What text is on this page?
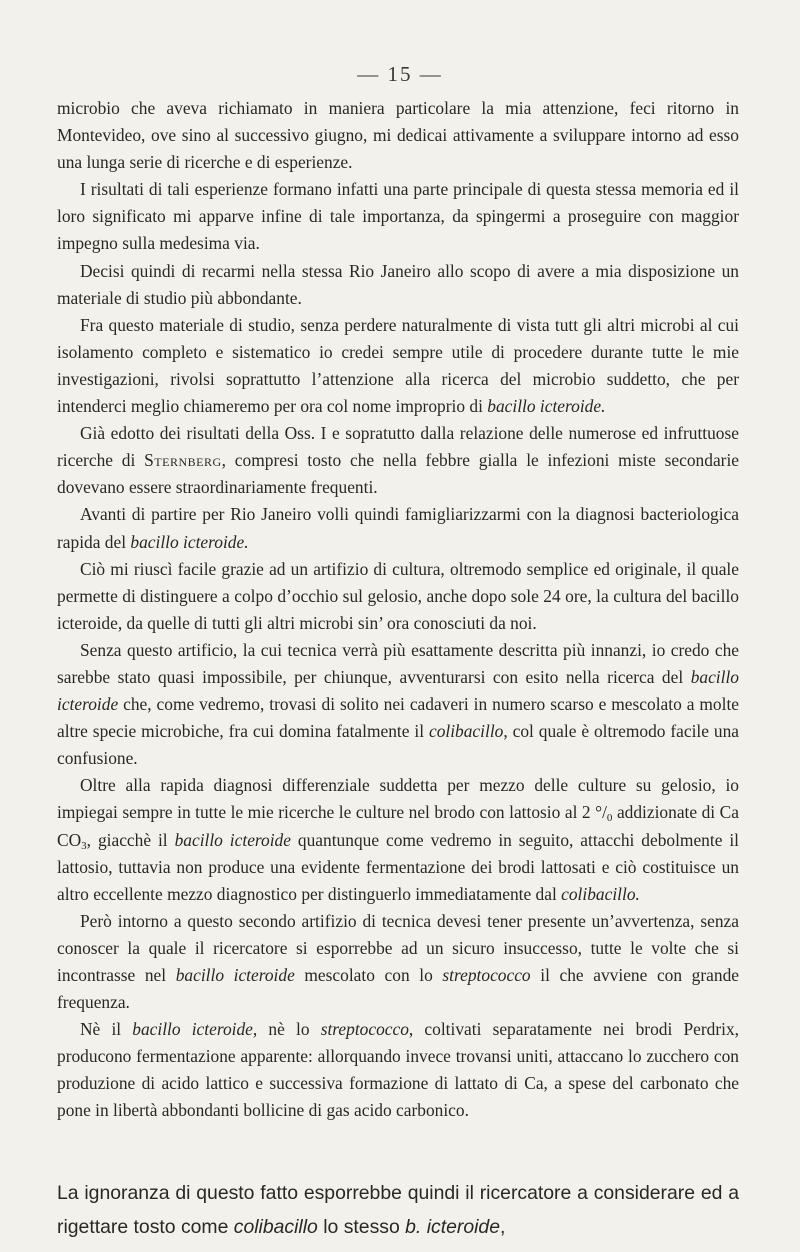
— 15 —

microbio che aveva richiamato in maniera particolare la mia attenzione, feci ritorno in Montevideo, ove sino al successivo giugno, mi dedicai attivamente a sviluppare intorno ad esso una lunga serie di ricerche e di esperienze.

I risultati di tali esperienze formano infatti una parte principale di questa stessa memoria ed il loro significato mi apparve infine di tale importanza, da spingermi a proseguire con maggior impegno sulla medesima via.

Decisi quindi di recarmi nella stessa Rio Janeiro allo scopo di avere a mia disposizione un materiale di studio più abbondante.

Fra questo materiale di studio, senza perdere naturalmente di vista tutt gli altri microbi al cui isolamento completo e sistematico io credei sempre utile di procedere durante tutte le mie investigazioni, rivolsi soprattutto l’attenzione alla ricerca del microbio suddetto, che per intenderci meglio chiameremo per ora col nome improprio di bacillo icteroide.

Già edotto dei risultati della Oss. I e sopratutto dalla relazione delle numerose ed infruttuose ricerche di Sternberg, compresi tosto che nella febbre gialla le infezioni miste secondarie dovevano essere straordinariamente frequenti.

Avanti di partire per Rio Janeiro volli quindi famigliarizzarmi con la diagnosi bacteriologica rapida del bacillo icteroide.

Ciò mi riuscì facile grazie ad un artifizio di cultura, oltremodo semplice ed originale, il quale permette di distinguere a colpo d’occhio sul gelosio, anche dopo sole 24 ore, la cultura del bacillo icteroide, da quelle di tutti gli altri microbi sin’ ora conosciuti da noi.

Senza questo artificio, la cui tecnica verrà più esattamente descritta più innanzi, io credo che sarebbe stato quasi impossibile, per chiunque, avventurarsi con esito nella ricerca del bacillo icteroide che, come vedremo, trovasi di solito nei cadaveri in numero scarso e mescolato a molte altre specie microbiche, fra cui domina fatalmente il colibacillo, col quale è oltremodo facile una confusione.

Oltre alla rapida diagnosi differenziale suddetta per mezzo delle culture su gelosio, io impiegai sempre in tutte le mie ricerche le culture nel brodo con lattosio al 2 $^\circ/_0$ addizionate di Ca $CO_3$, giacchè il bacillo icteroide quantunque come vedremo in seguito, attacchi debolmente il lattosio, tuttavia non produce una evidente fermentazione dei brodi lattosati e ciò costituisce un altro eccellente mezzo diagnostico per distinguerlo immediatamente dal colibacillo.

Però intorno a questo secondo artifizio di tecnica devesi tener presente un’avvertenza, senza conoscer la quale il ricercatore si esporrebbe ad un sicuro insuccesso, tutte le volte che si incontrasse nel bacillo icteroide mescolato con lo streptococco il che avviene con grande frequenza.

Nè il bacillo icteroide, nè lo streptococco, coltivati separatamente nei brodi Perdrix, producono fermentazione apparente: allorquando invece trovansi uniti, attaccano lo zucchero con produzione di acido lattico e successiva formazione di lattato di Ca, a spese del carbonato che pone in libertà abbondanti bollicine di gas acido carbonico.

La ignoranza di questo fatto esporrebbe quindi il ricercatore a considerare ed a rigettare tosto come colibacillo lo stesso b. icteroide,
